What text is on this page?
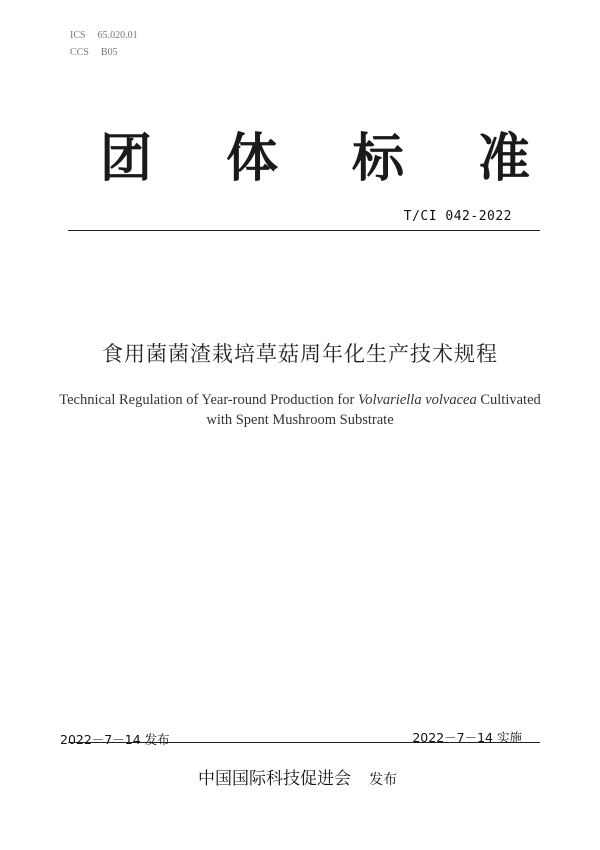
ICS 65.020.01
CCS B05
团 体 标 准
T/CI 042-2022
食用菌菌渣栽培草菇周年化生产技术规程
Technical Regulation of Year-round Production for Volvariella volvacea Cultivated
with Spent Mushroom Substrate
2022－7－14 发布	2022－7－14 实施
中国国际科技促进会 发布
